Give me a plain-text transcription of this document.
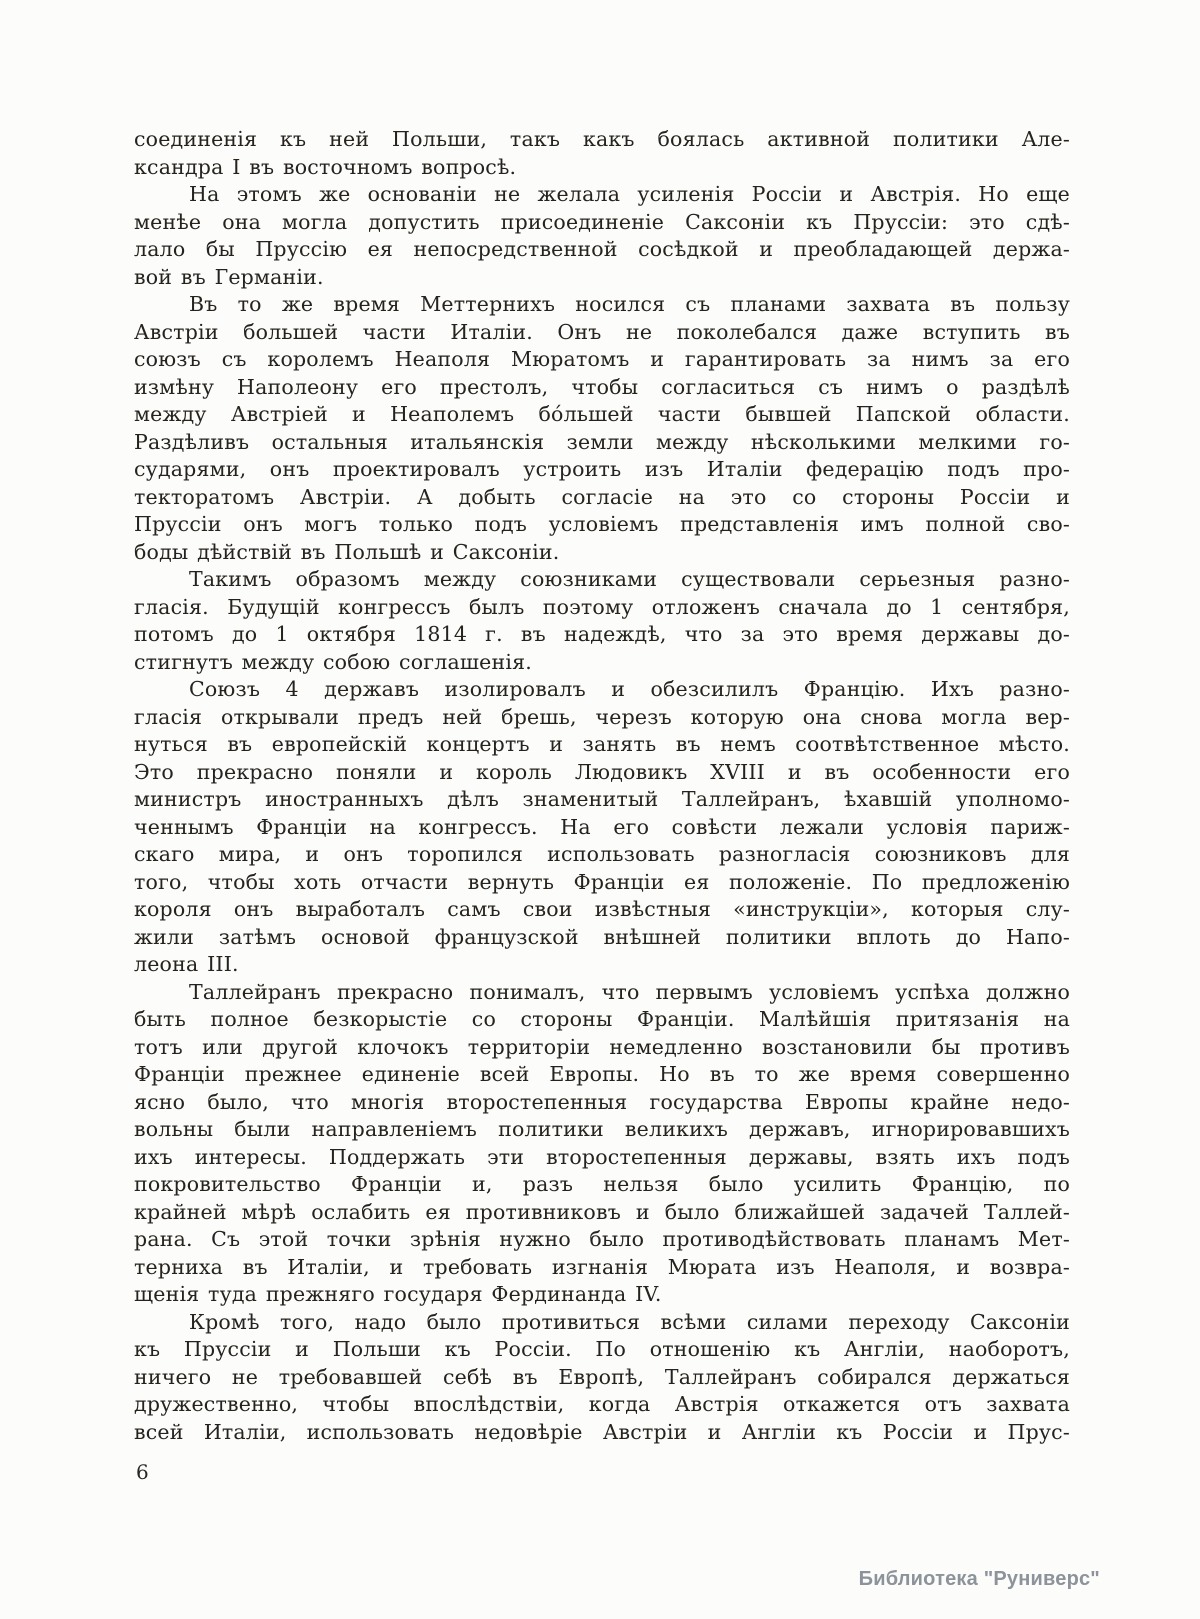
соединенія къ ней Польши, такъ какъ боялась активной политики Але-
ксандра I въ восточномъ вопросѣ.
На этомъ же основаніи не желала усиленія Россіи и Австрія. Но еще
менѣе она могла допустить присоединеніе Саксоніи къ Пруссіи: это сдѣ-
лало бы Пруссію ея непосредственной сосѣдкой и преобладающей держа-
вой въ Германіи.
Въ то же время Меттернихъ носился съ планами захвата въ пользу
Австріи большей части Италіи. Онъ не поколебался даже вступить въ
союзъ съ королемъ Неаполя Мюратомъ и гарантировать за нимъ за его
измѣну Наполеону его престолъ, чтобы согласиться съ нимъ о раздѣлѣ
между Австріей и Неаполемъ бо́льшей части бывшей Папской области.
Раздѣливъ остальныя итальянскія земли между нѣсколькими мелкими го-
сударями, онъ проектировалъ устроить изъ Италіи федерацію подъ про-
текторатомъ Австріи. А добыть согласіе на это со стороны Россіи и
Пруссіи онъ могъ только подъ условіемъ представленія имъ полной сво-
боды дѣйствій въ Польшѣ и Саксоніи.
Такимъ образомъ между союзниками существовали серьезныя разно-
гласія. Будущій конгрессъ былъ поэтому отложенъ сначала до 1 сентября,
потомъ до 1 октября 1814 г. въ надеждѣ, что за это время державы до-
стигнутъ между собою соглашенія.
Союзъ 4 державъ изолировалъ и обезсилилъ Францію. Ихъ разно-
гласія открывали предъ ней брешь, черезъ которую она снова могла вер-
нуться въ европейскій концертъ и занять въ немъ соотвѣтственное мѣсто.
Это прекрасно поняли и король Людовикъ XVIII и въ особенности его
министръ иностранныхъ дѣлъ знаменитый Таллейранъ, ѣхавшій уполномо-
ченнымъ Франціи на конгрессъ. На его совѣсти лежали условія париж-
скаго мира, и онъ торопился использовать разногласія союзниковъ для
того, чтобы хоть отчасти вернуть Франціи ея положеніе. По предложенію
короля онъ выработалъ самъ свои извѣстныя «инструкціи», которыя слу-
жили затѣмъ основой французской внѣшней политики вплоть до Напо-
леона III.
Таллейранъ прекрасно понималъ, что первымъ условіемъ успѣха должно
быть полное безкорыстіе со стороны Франціи. Малѣйшія притязанія на
тотъ или другой клочокъ территоріи немедленно возстановили бы противъ
Франціи прежнее единеніе всей Европы. Но въ то же время совершенно
ясно было, что многія второстепенныя государства Европы крайне недо-
вольны были направленіемъ политики великихъ державъ, игнорировавшихъ
ихъ интересы. Поддержать эти второстепенныя державы, взять ихъ подъ
покровительство Франціи и, разъ нельзя было усилить Францію, по
крайней мѣрѣ ослабить ея противниковъ и было ближайшей задачей Таллей-
рана. Съ этой точки зрѣнія нужно было противодѣйствовать планамъ Мет-
терниха въ Италіи, и требовать изгнанія Мюрата изъ Неаполя, и возвра-
щенія туда прежняго государя Фердинанда IV.
Кромѣ того, надо было противиться всѣми силами переходу Саксоніи
къ Пруссіи и Польши къ Россіи. По отношенію къ Англіи, наоборотъ,
ничего не требовавшей себѣ въ Европѣ, Таллейранъ собирался держаться
дружественно, чтобы впослѣдствіи, когда Австрія откажется отъ захвата
всей Италіи, использовать недовѣріе Австріи и Англіи къ Россіи и Прус-
6
Библиотека "Руниверс"
